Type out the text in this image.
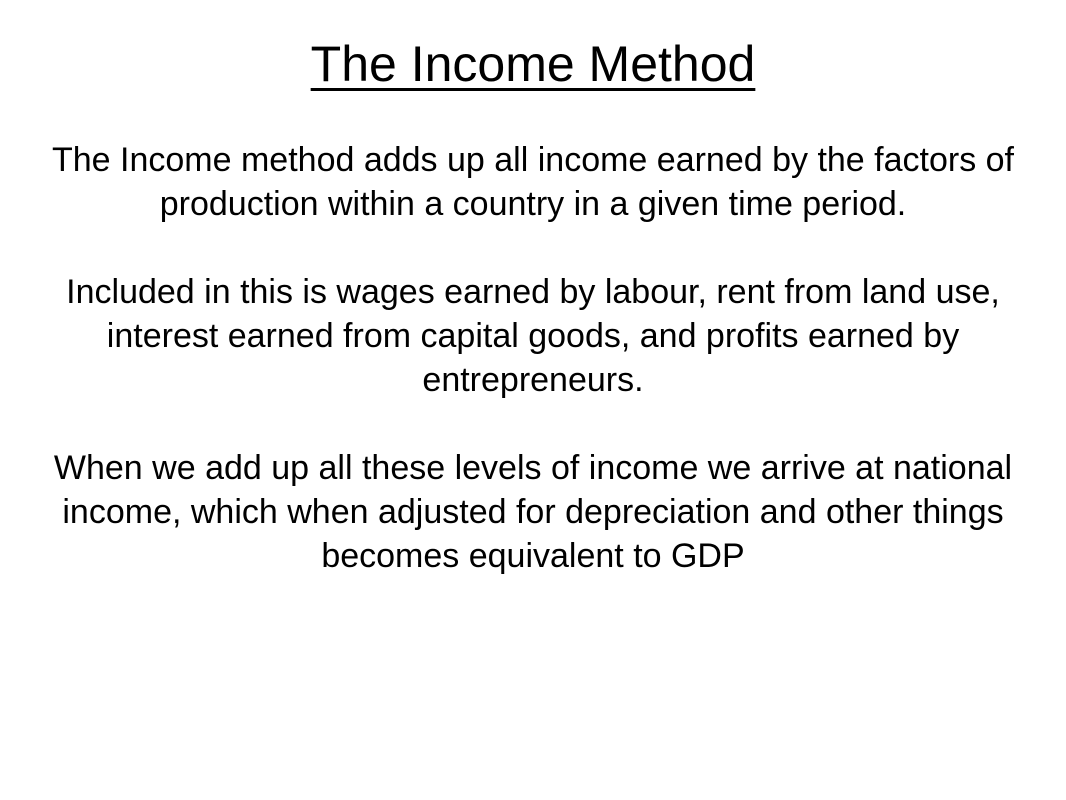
The Income Method

The Income method adds up all income earned by the factors of production within a country in a given time period.

Included in this is wages earned by labour, rent from land use, interest earned from capital goods, and profits earned by entrepreneurs.

When we add up all these levels of income we arrive at national income, which when adjusted for depreciation and other things becomes equivalent to GDP
